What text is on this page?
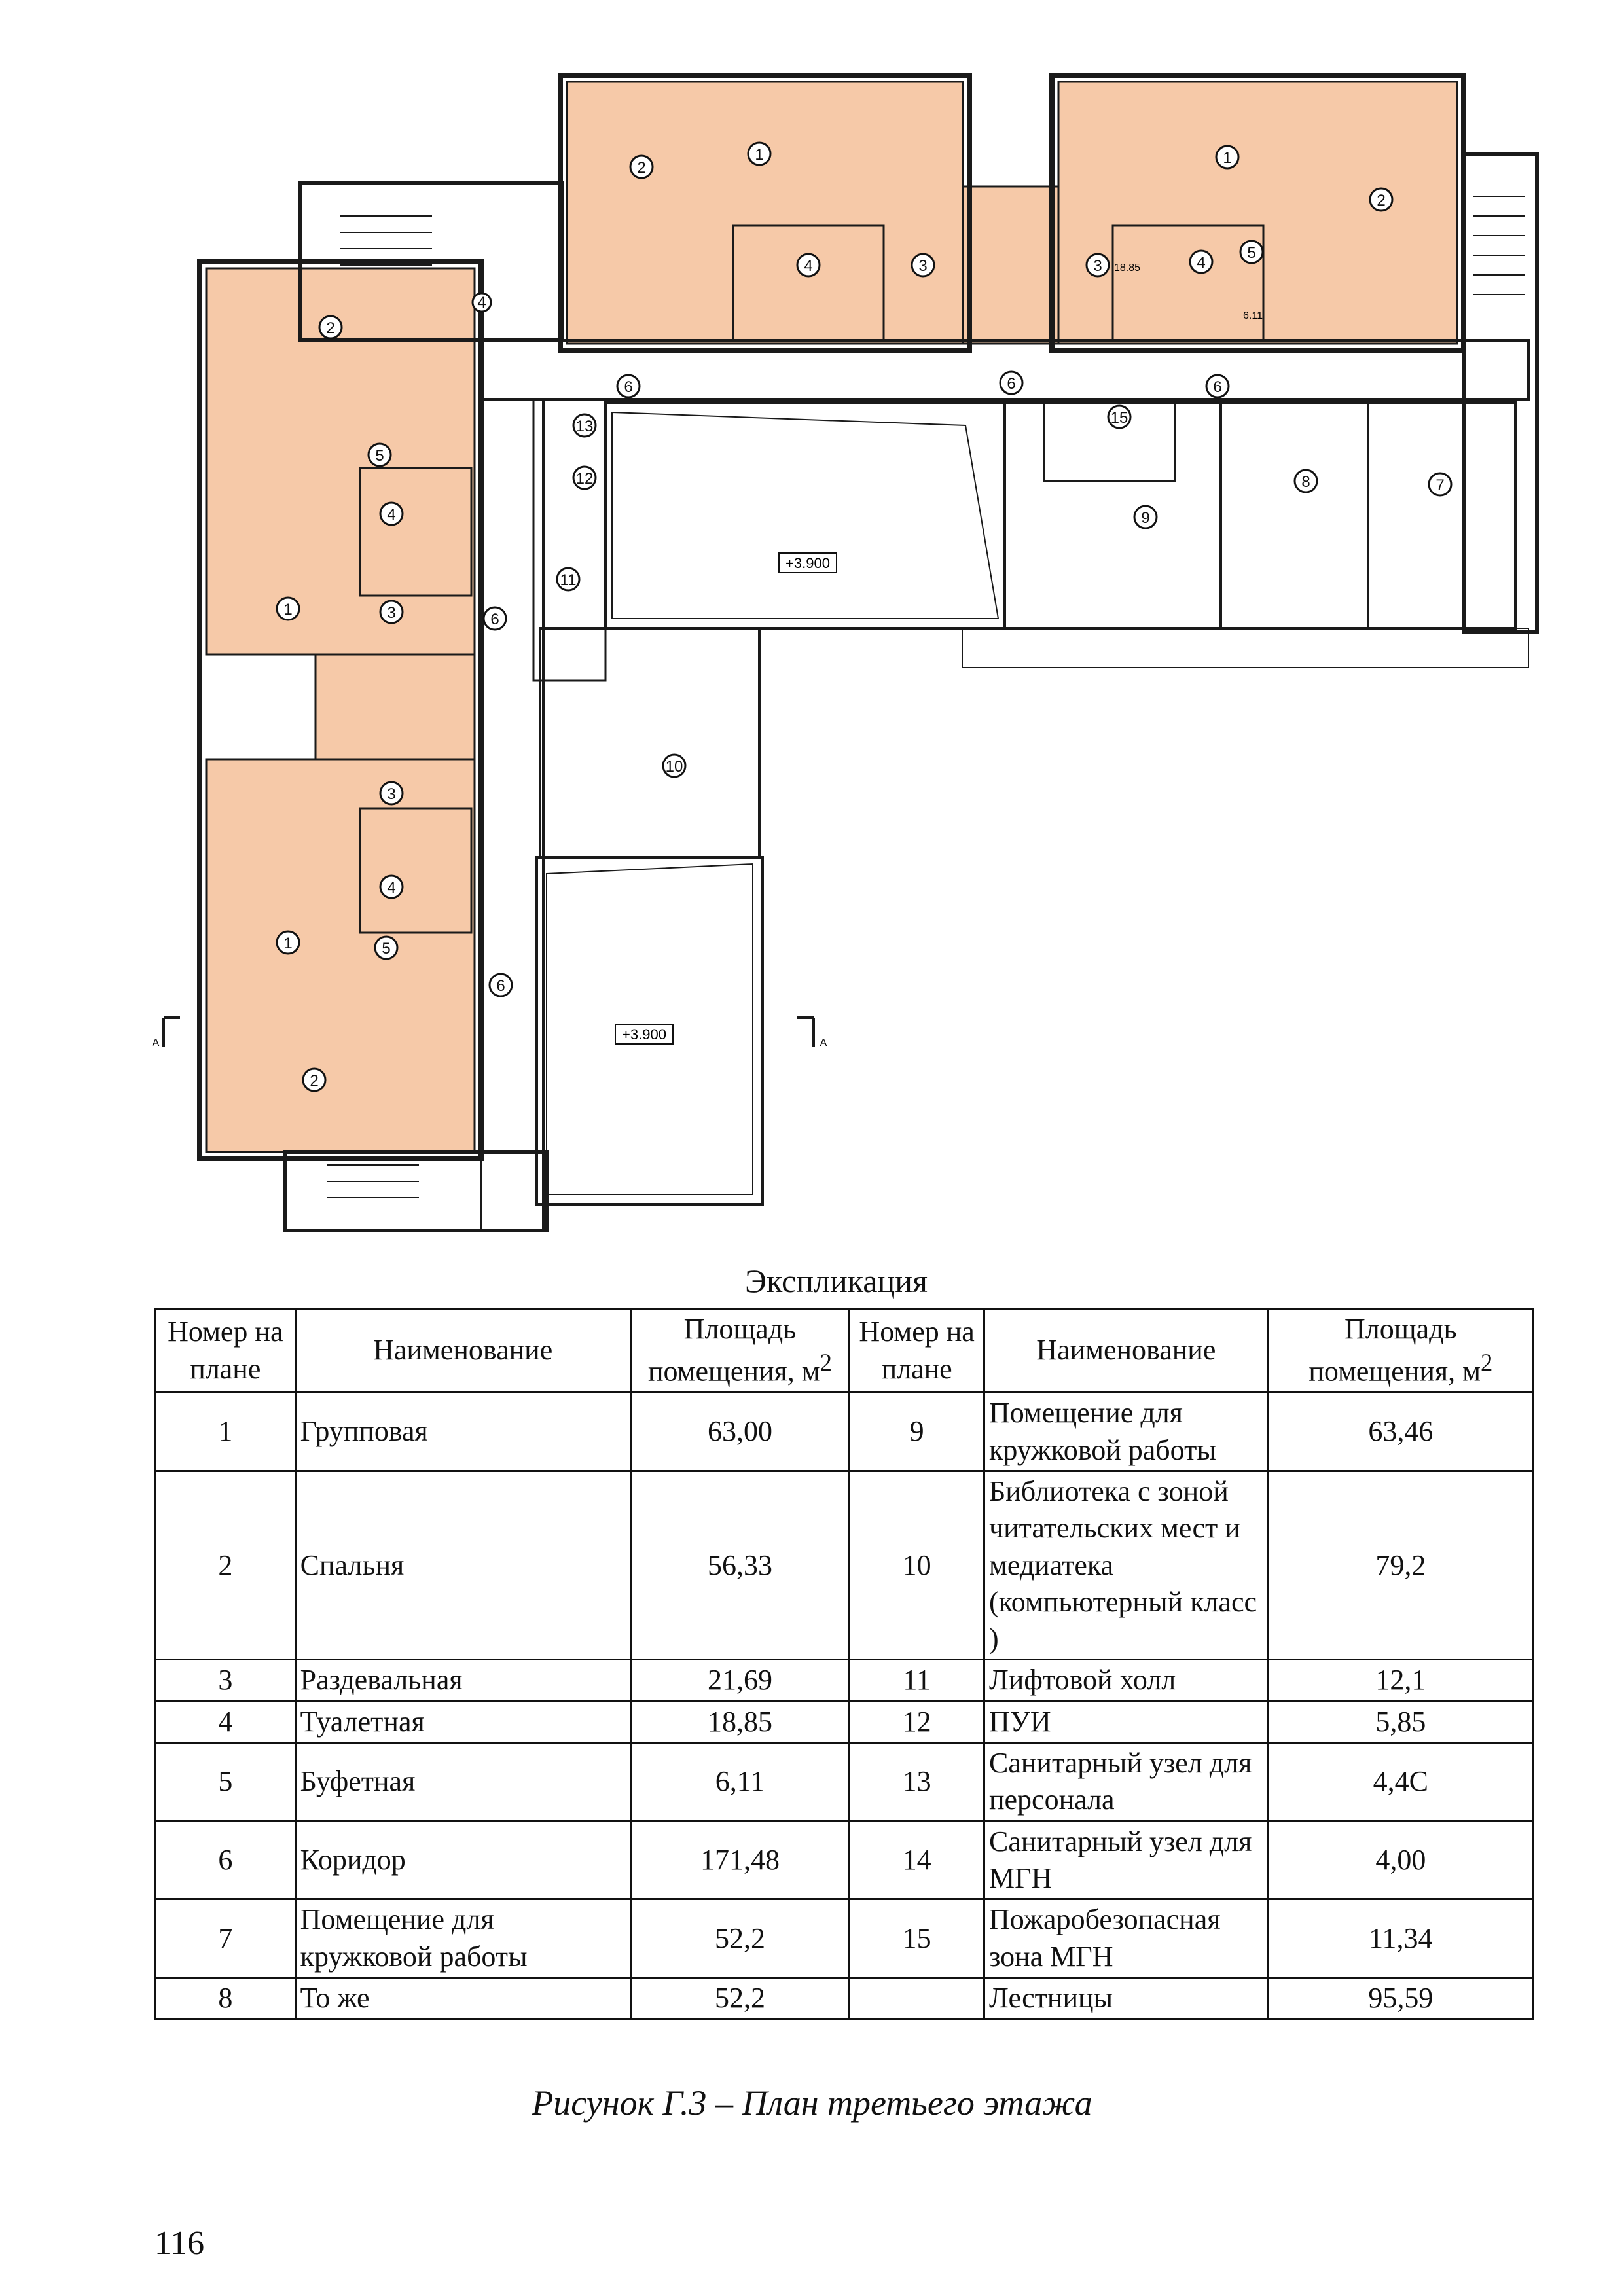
1
2
3
4
1
2
3	4
5
2
4
6	6	6
13	15
12
11
5
4
1	3	6
9
8	7
10
3
4
1	5
6
2
+3.900
+3.900
18.85
6.11
А	А
Экспликация
Номер на плане	Наименование	Площадь помещения, $м^2$	Номер на плане	Наименование	Площадь помещения, $м^2$
1	Групповая	63,00	9	Помещение для кружковой работы	63,46
2	Спальня	56,33	10	Библиотека с зоной читательских мест и медиатека (компьютерный класс )	79,2
3	Раздевальная	21,69	11	Лифтовой холл	12,1
4	Туалетная	18,85	12	ПУИ	5,85
5	Буфетная	6,11	13	Санитарный узел для персонала	4,4С
6	Коридор	171,48	14	Санитарный узел для МГН	4,00
7	Помещение для кружковой работы	52,2	15	Пожаробезопасная зона МГН	11,34
8	То же	52,2		Лестницы	95,59
Рисунок Г.3 – План третьего этажа
116
